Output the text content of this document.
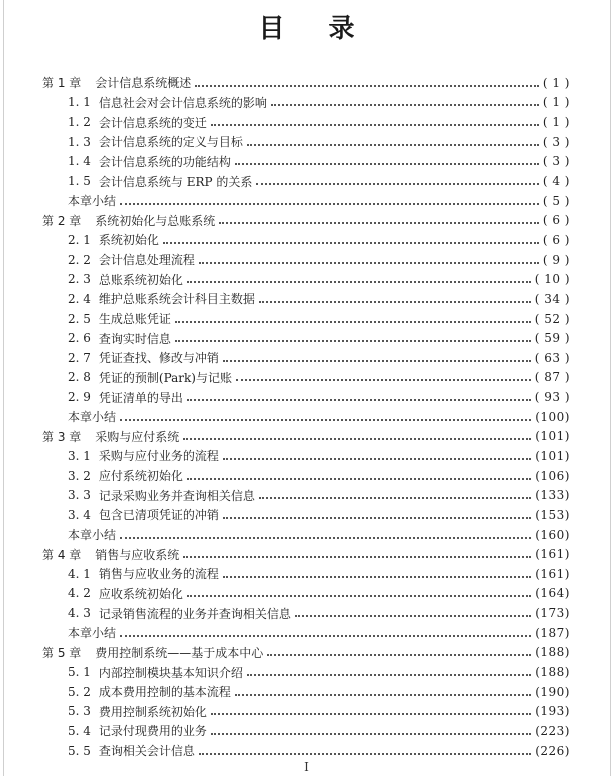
目 录
第 1 章 会计信息系统概述	( 1 )
1. 1 信息社会对会计信息系统的影响	( 1 )
1. 2 会计信息系统的变迁	( 1 )
1. 3 会计信息系统的定义与目标	( 3 )
1. 4 会计信息系统的功能结构	( 3 )
1. 5 会计信息系统与 ERP 的关系	( 4 )
本章小结	( 5 )
第 2 章 系统初始化与总账系统	( 6 )
2. 1 系统初始化	( 6 )
2. 2 会计信息处理流程	( 9 )
2. 3 总账系统初始化	( 10 )
2. 4 维护总账系统会计科目主数据	( 34 )
2. 5 生成总账凭证	( 52 )
2. 6 查询实时信息	( 59 )
2. 7 凭证查找、修改与冲销	( 63 )
2. 8 凭证的预制(Park)与记账	( 87 )
2. 9 凭证清单的导出	( 93 )
本章小结	(100)
第 3 章 采购与应付系统	(101)
3. 1 采购与应付业务的流程	(101)
3. 2 应付系统初始化	(106)
3. 3 记录采购业务并查询相关信息	(133)
3. 4 包含已清项凭证的冲销	(153)
本章小结	(160)
第 4 章 销售与应收系统	(161)
4. 1 销售与应收业务的流程	(161)
4. 2 应收系统初始化	(164)
4. 3 记录销售流程的业务并查询相关信息	(173)
本章小结	(187)
第 5 章 费用控制系统——基于成本中心	(188)
5. 1 内部控制模块基本知识介绍	(188)
5. 2 成本费用控制的基本流程	(190)
5. 3 费用控制系统初始化	(193)
5. 4 记录付现费用的业务	(223)
5. 5 查询相关会计信息	(226)
I
